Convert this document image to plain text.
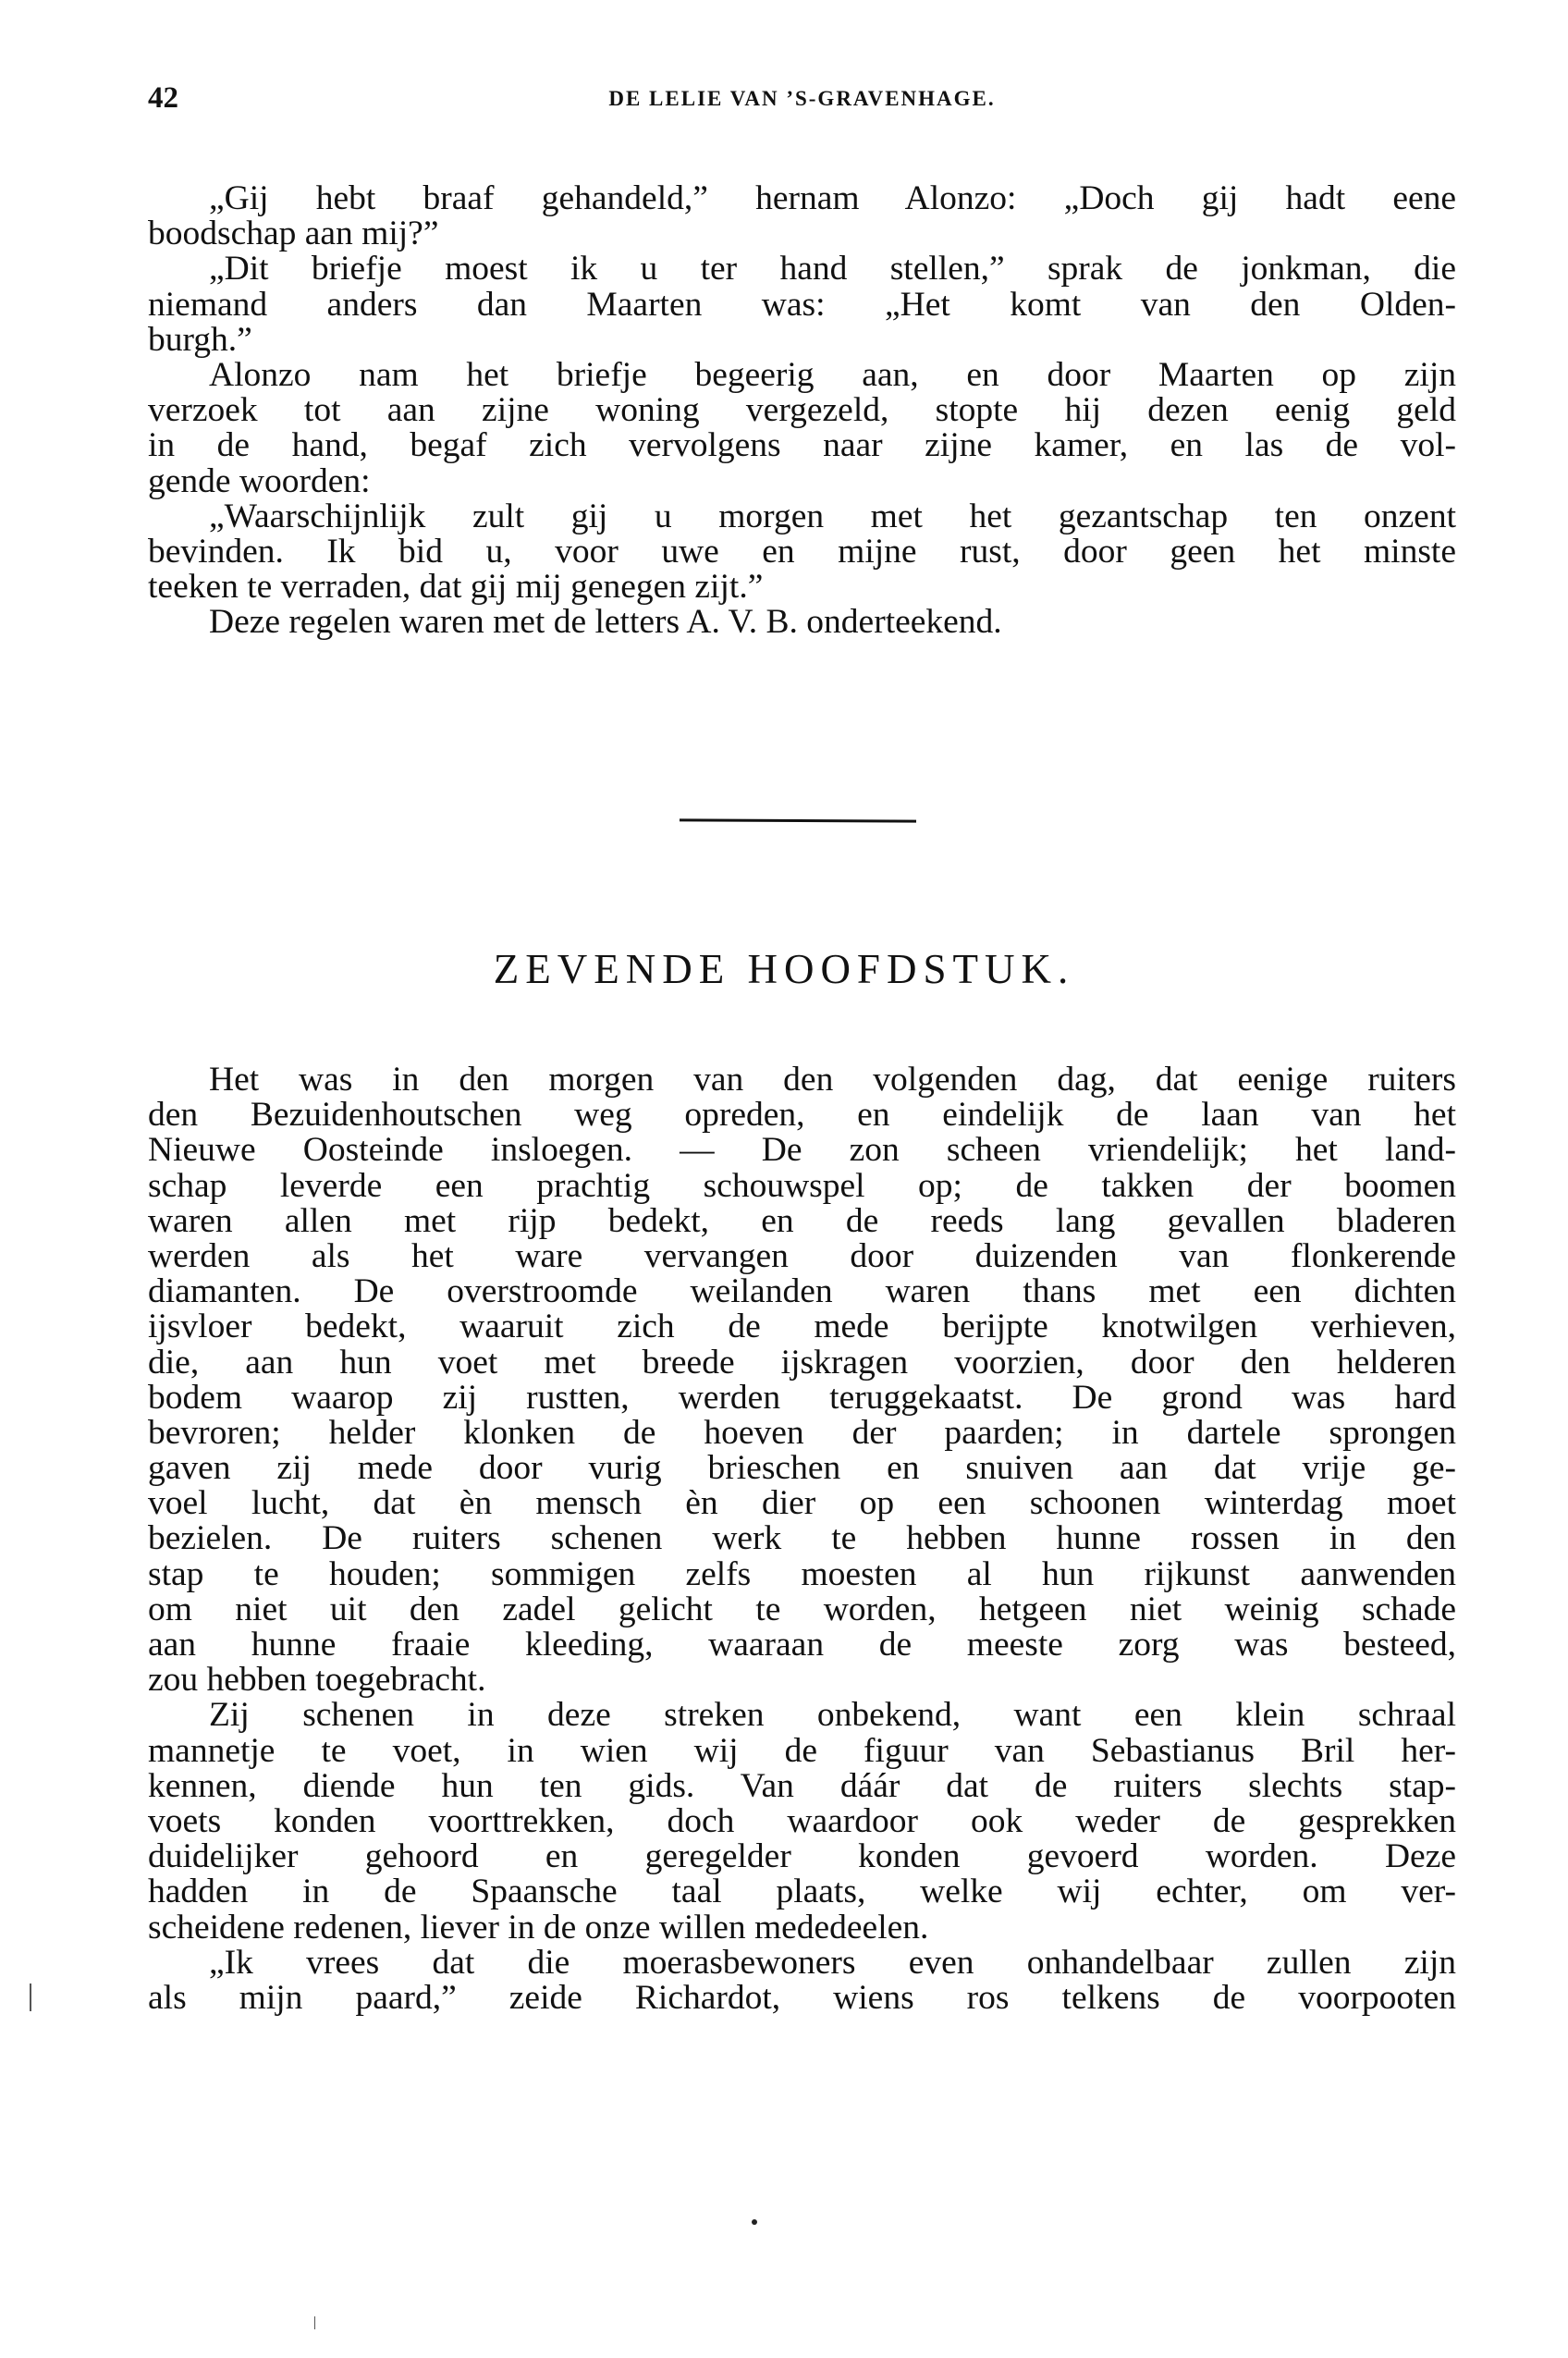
42	DE LELIE VAN ’S-GRAVENHAGE.
„Gij hebt braaf gehandeld,” hernam Alonzo: „Doch gij hadt eene
boodschap aan mij?”
„Dit briefje moest ik u ter hand stellen,” sprak de jonkman, die
niemand anders dan Maarten was: „Het komt van den Olden-
burgh.”
Alonzo nam het briefje begeerig aan, en door Maarten op zijn
verzoek tot aan zijne woning vergezeld, stopte hij dezen eenig geld
in de hand, begaf zich vervolgens naar zijne kamer, en las de vol-
gende woorden:
„Waarschijnlijk zult gij u morgen met het gezantschap ten onzent
bevinden. Ik bid u, voor uwe en mijne rust, door geen het minste
teeken te verraden, dat gij mij genegen zijt.”
Deze regelen waren met de letters A. V. B. onderteekend.
ZEVENDE HOOFDSTUK.
Het was in den morgen van den volgenden dag, dat eenige ruiters
den Bezuidenhoutschen weg opreden, en eindelijk de laan van het
Nieuwe Oosteinde insloegen. — De zon scheen vriendelijk; het land-
schap leverde een prachtig schouwspel op; de takken der boomen
waren allen met rijp bedekt, en de reeds lang gevallen bladeren
werden als het ware vervangen door duizenden van flonkerende
diamanten. De overstroomde weilanden waren thans met een dichten
ijsvloer bedekt, waaruit zich de mede berijpte knotwilgen verhieven,
die, aan hun voet met breede ijskragen voorzien, door den helderen
bodem waarop zij rustten, werden teruggekaatst. De grond was hard
bevroren; helder klonken de hoeven der paarden; in dartele sprongen
gaven zij mede door vurig brieschen en snuiven aan dat vrije ge-
voel lucht, dat èn mensch èn dier op een schoonen winterdag moet
bezielen. De ruiters schenen werk te hebben hunne rossen in den
stap te houden; sommigen zelfs moesten al hun rijkunst aanwenden
om niet uit den zadel gelicht te worden, hetgeen niet weinig schade
aan hunne fraaie kleeding, waaraan de meeste zorg was besteed,
zou hebben toegebracht.
Zij schenen in deze streken onbekend, want een klein schraal
mannetje te voet, in wien wij de figuur van Sebastianus Bril her-
kennen, diende hun ten gids. Van dáár dat de ruiters slechts stap-
voets konden voorttrekken, doch waardoor ook weder de gesprekken
duidelijker gehoord en geregelder konden gevoerd worden. Deze
hadden in de Spaansche taal plaats, welke wij echter, om ver-
scheidene redenen, liever in de onze willen mededeelen.
„Ik vrees dat die moerasbewoners even onhandelbaar zullen zijn
als mijn paard,” zeide Richardot, wiens ros telkens de voorpooten
